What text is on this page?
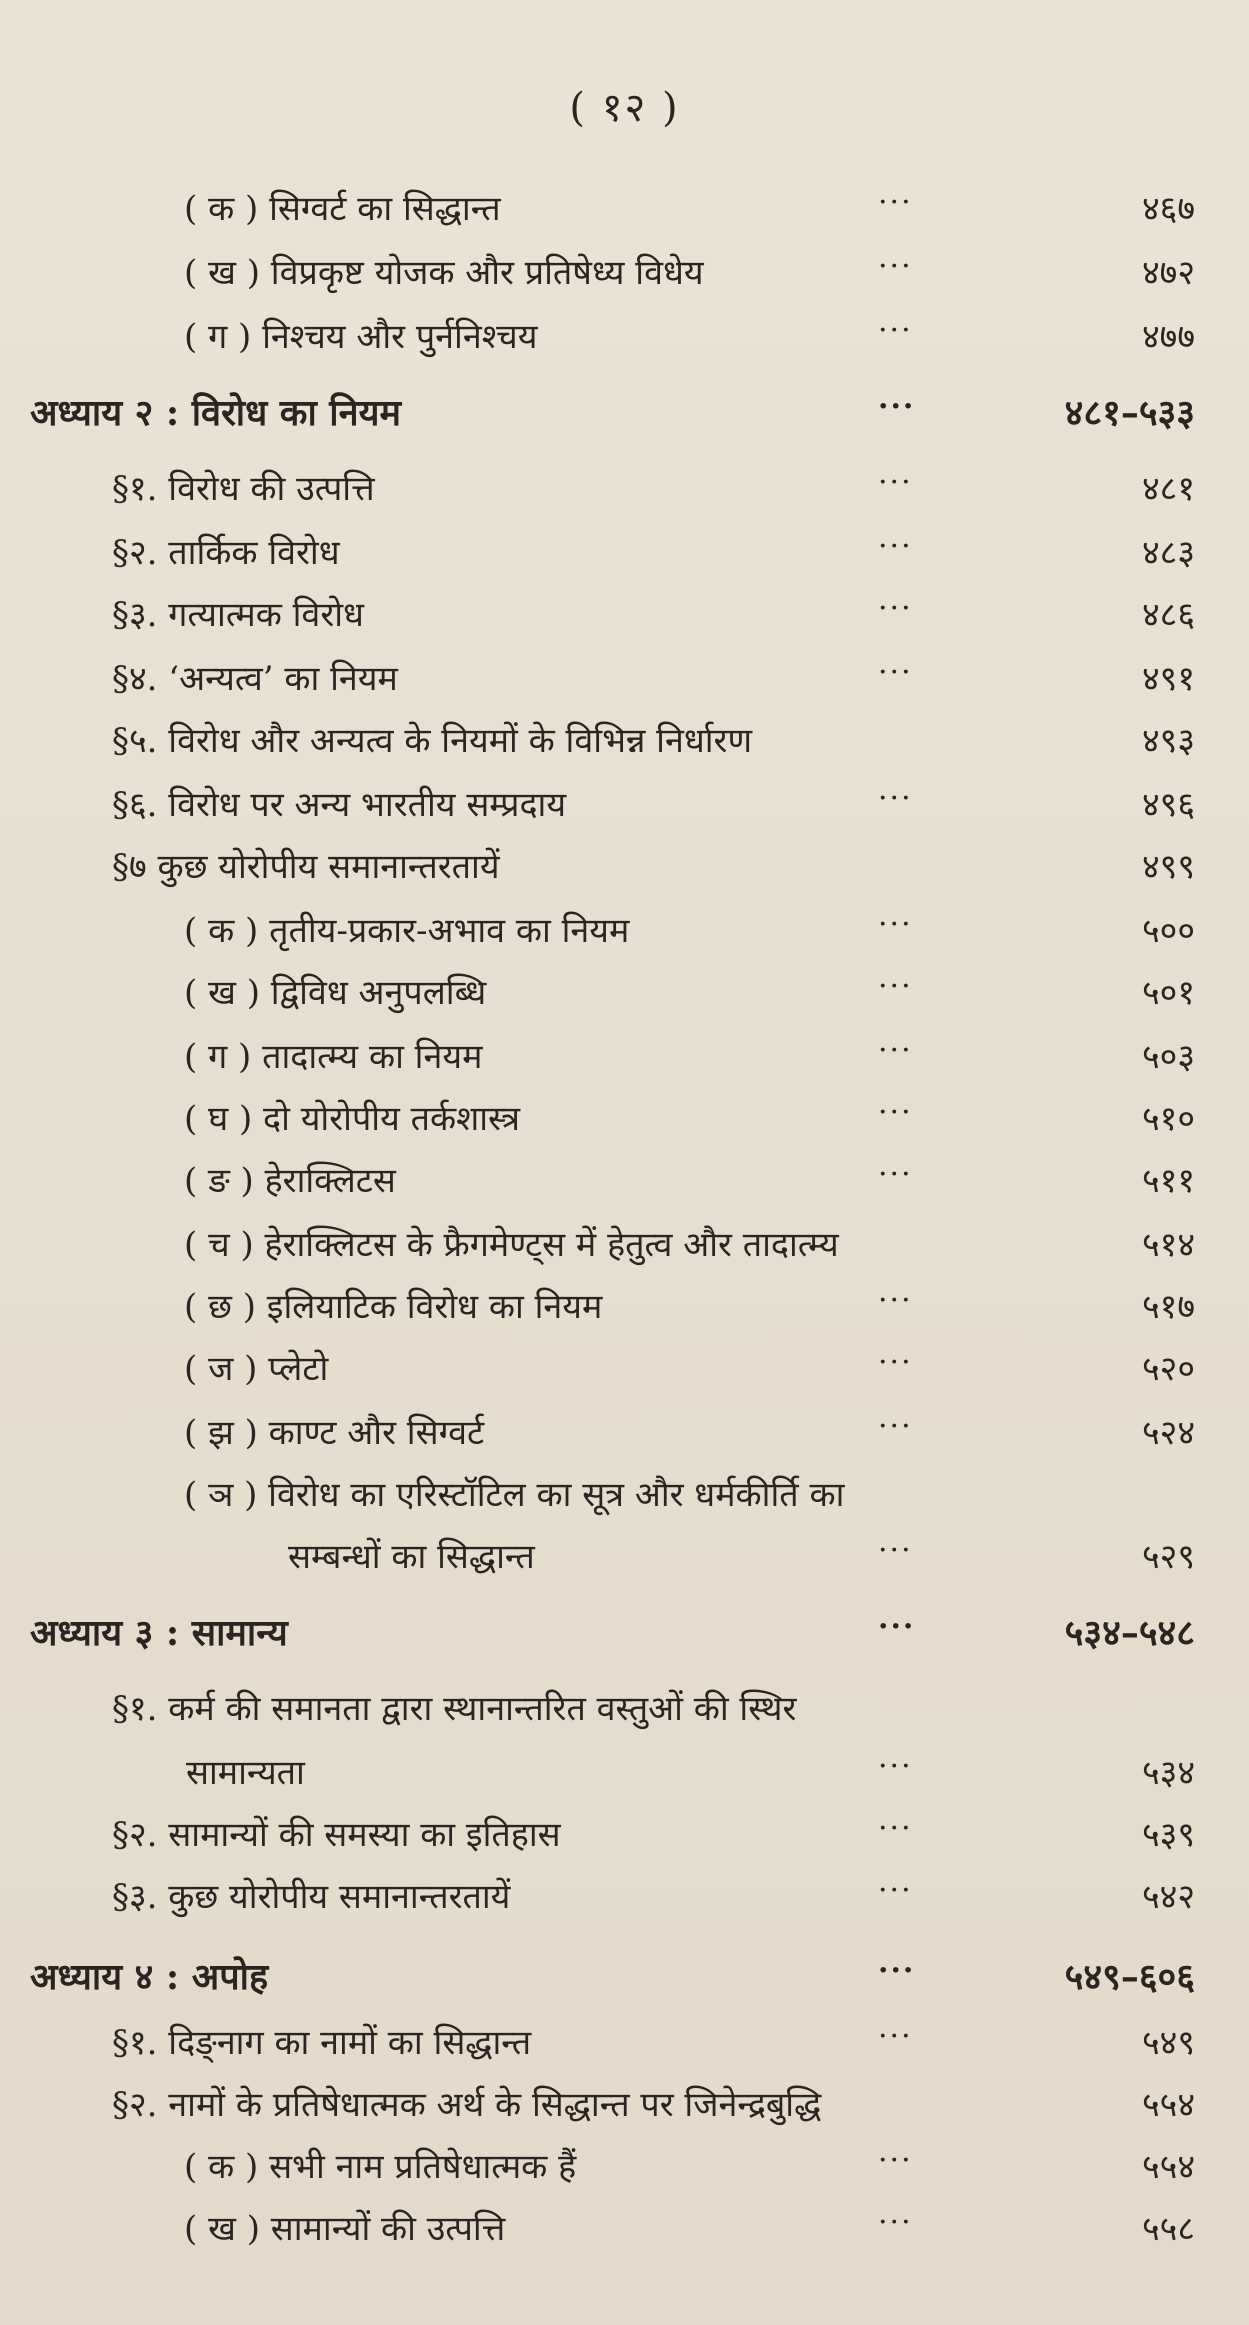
( १२ )
( क ) सिग्वर्ट का सिद्धान्त	···	४६७
( ख ) विप्रकृष्ट योजक और प्रतिषेध्य विधेय	···	४७२
( ग ) निश्चय और पुर्ननिश्चय	···	४७७
अध्याय २ : विरोध का नियम	···	४८१–५३३
§१. विरोध की उत्पत्ति	···	४८१
§२. तार्किक विरोध	···	४८३
§३. गत्यात्मक विरोध	···	४८६
§४. ‘अन्यत्व’ का नियम	···	४९१
§५. विरोध और अन्यत्व के नियमों के विभिन्न निर्धारण	४९३
§६. विरोध पर अन्य भारतीय सम्प्रदाय	···	४९६
§७ कुछ योरोपीय समानान्तरतायें	४९९
( क ) तृतीय-प्रकार-अभाव का नियम	···	५००
( ख ) द्विविध अनुपलब्धि	···	५०१
( ग ) तादात्म्य का नियम	···	५०३
( घ ) दो योरोपीय तर्कशास्त्र	···	५१०
( ङ ) हेराक्लिटस	···	५११
( च ) हेराक्लिटस के फ्रैगमेण्ट्स में हेतुत्व और तादात्म्य	५१४
( छ ) इलियाटिक विरोध का नियम	···	५१७
( ज ) प्लेटो	···	५२०
( झ ) काण्ट और सिग्वर्ट	···	५२४
( ञ ) विरोध का एरिस्टॉटिल का सूत्र और धर्मकीर्ति का
सम्बन्धों का सिद्धान्त	···	५२९
अध्याय ३ : सामान्य	···	५३४–५४८
§१. कर्म की समानता द्वारा स्थानान्तरित वस्तुओं की स्थिर
सामान्यता	···	५३४
§२. सामान्यों की समस्या का इतिहास	···	५३९
§३. कुछ योरोपीय समानान्तरतायें	···	५४२
अध्याय ४ : अपोह	···	५४९–६०६
§१. दिङ्नाग का नामों का सिद्धान्त	···	५४९
§२. नामों के प्रतिषेधात्मक अर्थ के सिद्धान्त पर जिनेन्द्रबुद्धि	५५४
( क ) सभी नाम प्रतिषेधात्मक हैं	···	५५४
( ख ) सामान्यों की उत्पत्ति	···	५५८
